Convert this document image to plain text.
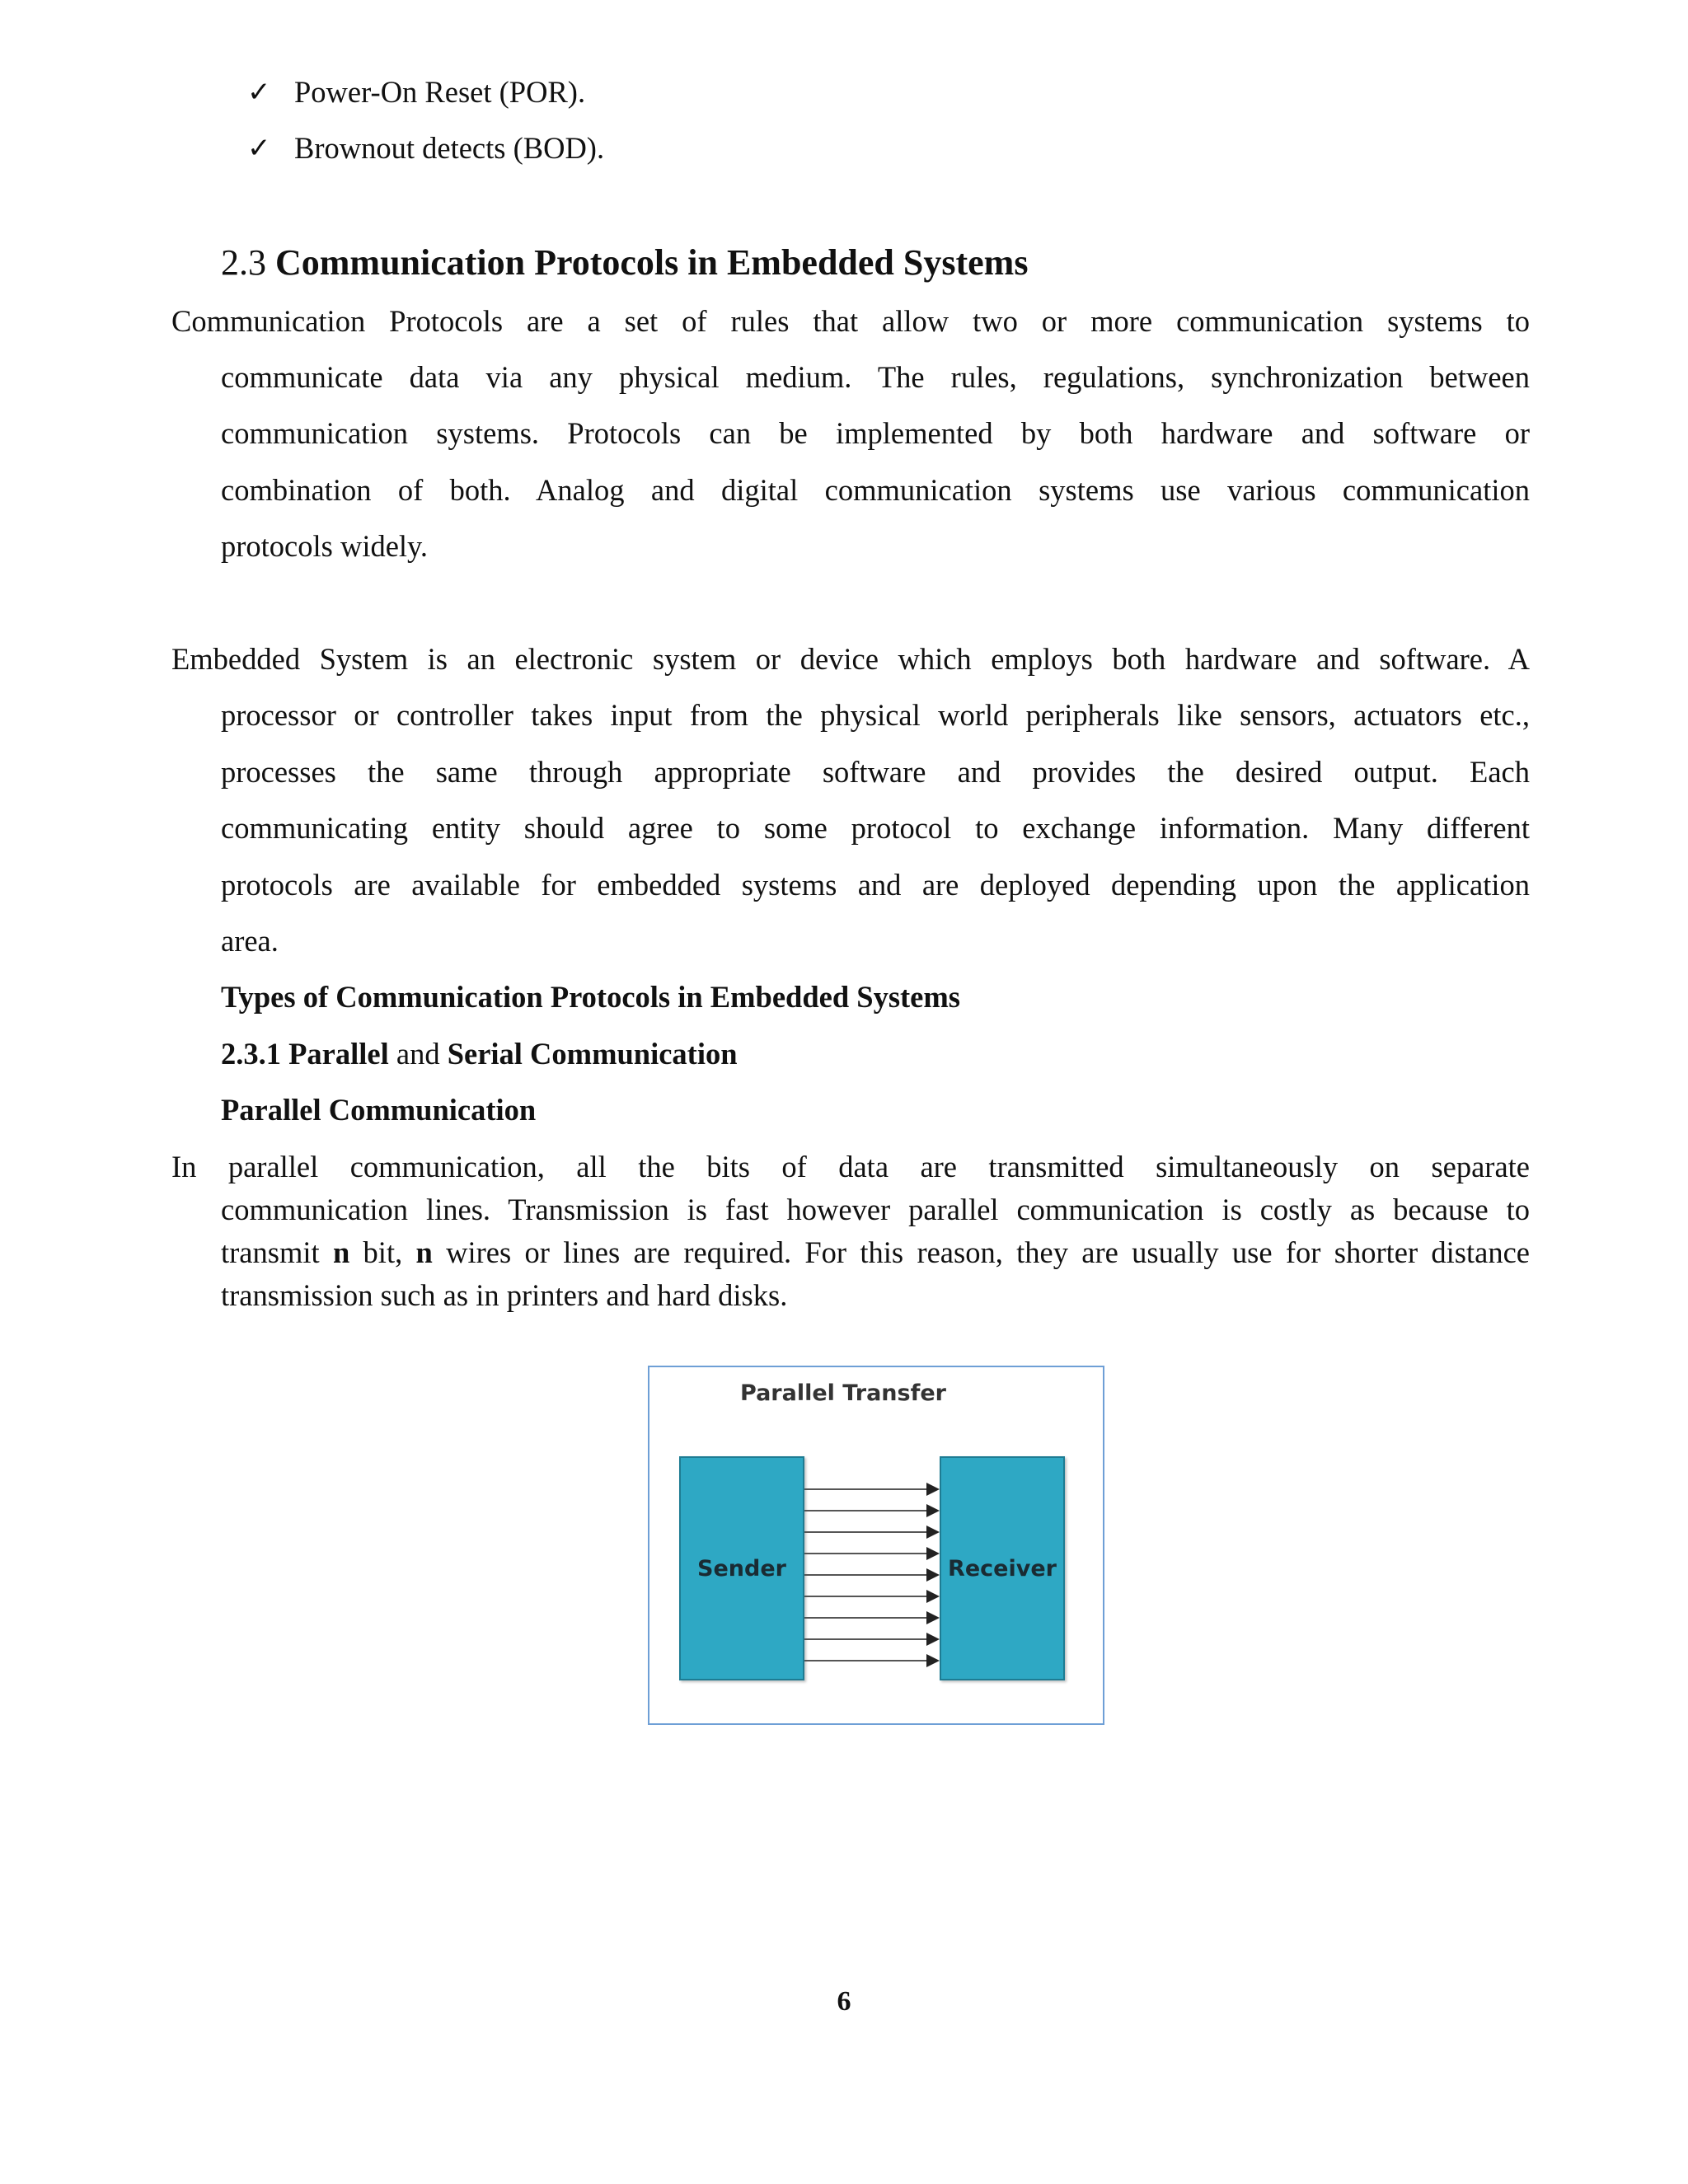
✓ Power-On Reset (POR).
✓ Brownout detects (BOD).
2.3 Communication Protocols in Embedded Systems
Communication Protocols are a set of rules that allow two or more communication systems to
communicate data via any physical medium. The rules, regulations, synchronization between
communication systems. Protocols can be implemented by both hardware and software or
combination of both. Analog and digital communication systems use various communication
protocols widely.
Embedded System is an electronic system or device which employs both hardware and software. A
processor or controller takes input from the physical world peripherals like sensors, actuators etc.,
processes the same through appropriate software and provides the desired output. Each
communicating entity should agree to some protocol to exchange information. Many different
protocols are available for embedded systems and are deployed depending upon the application
area.
Types of Communication Protocols in Embedded Systems
2.3.1 Parallel and Serial Communication
Parallel Communication
In parallel communication, all the bits of data are transmitted simultaneously on separate
communication lines. Transmission is fast however parallel communication is costly as because to
transmit n bit, n wires or lines are required. For this reason, they are usually use for shorter distance
transmission such as in printers and hard disks.
Parallel Transfer
Sender	Receiver
6
